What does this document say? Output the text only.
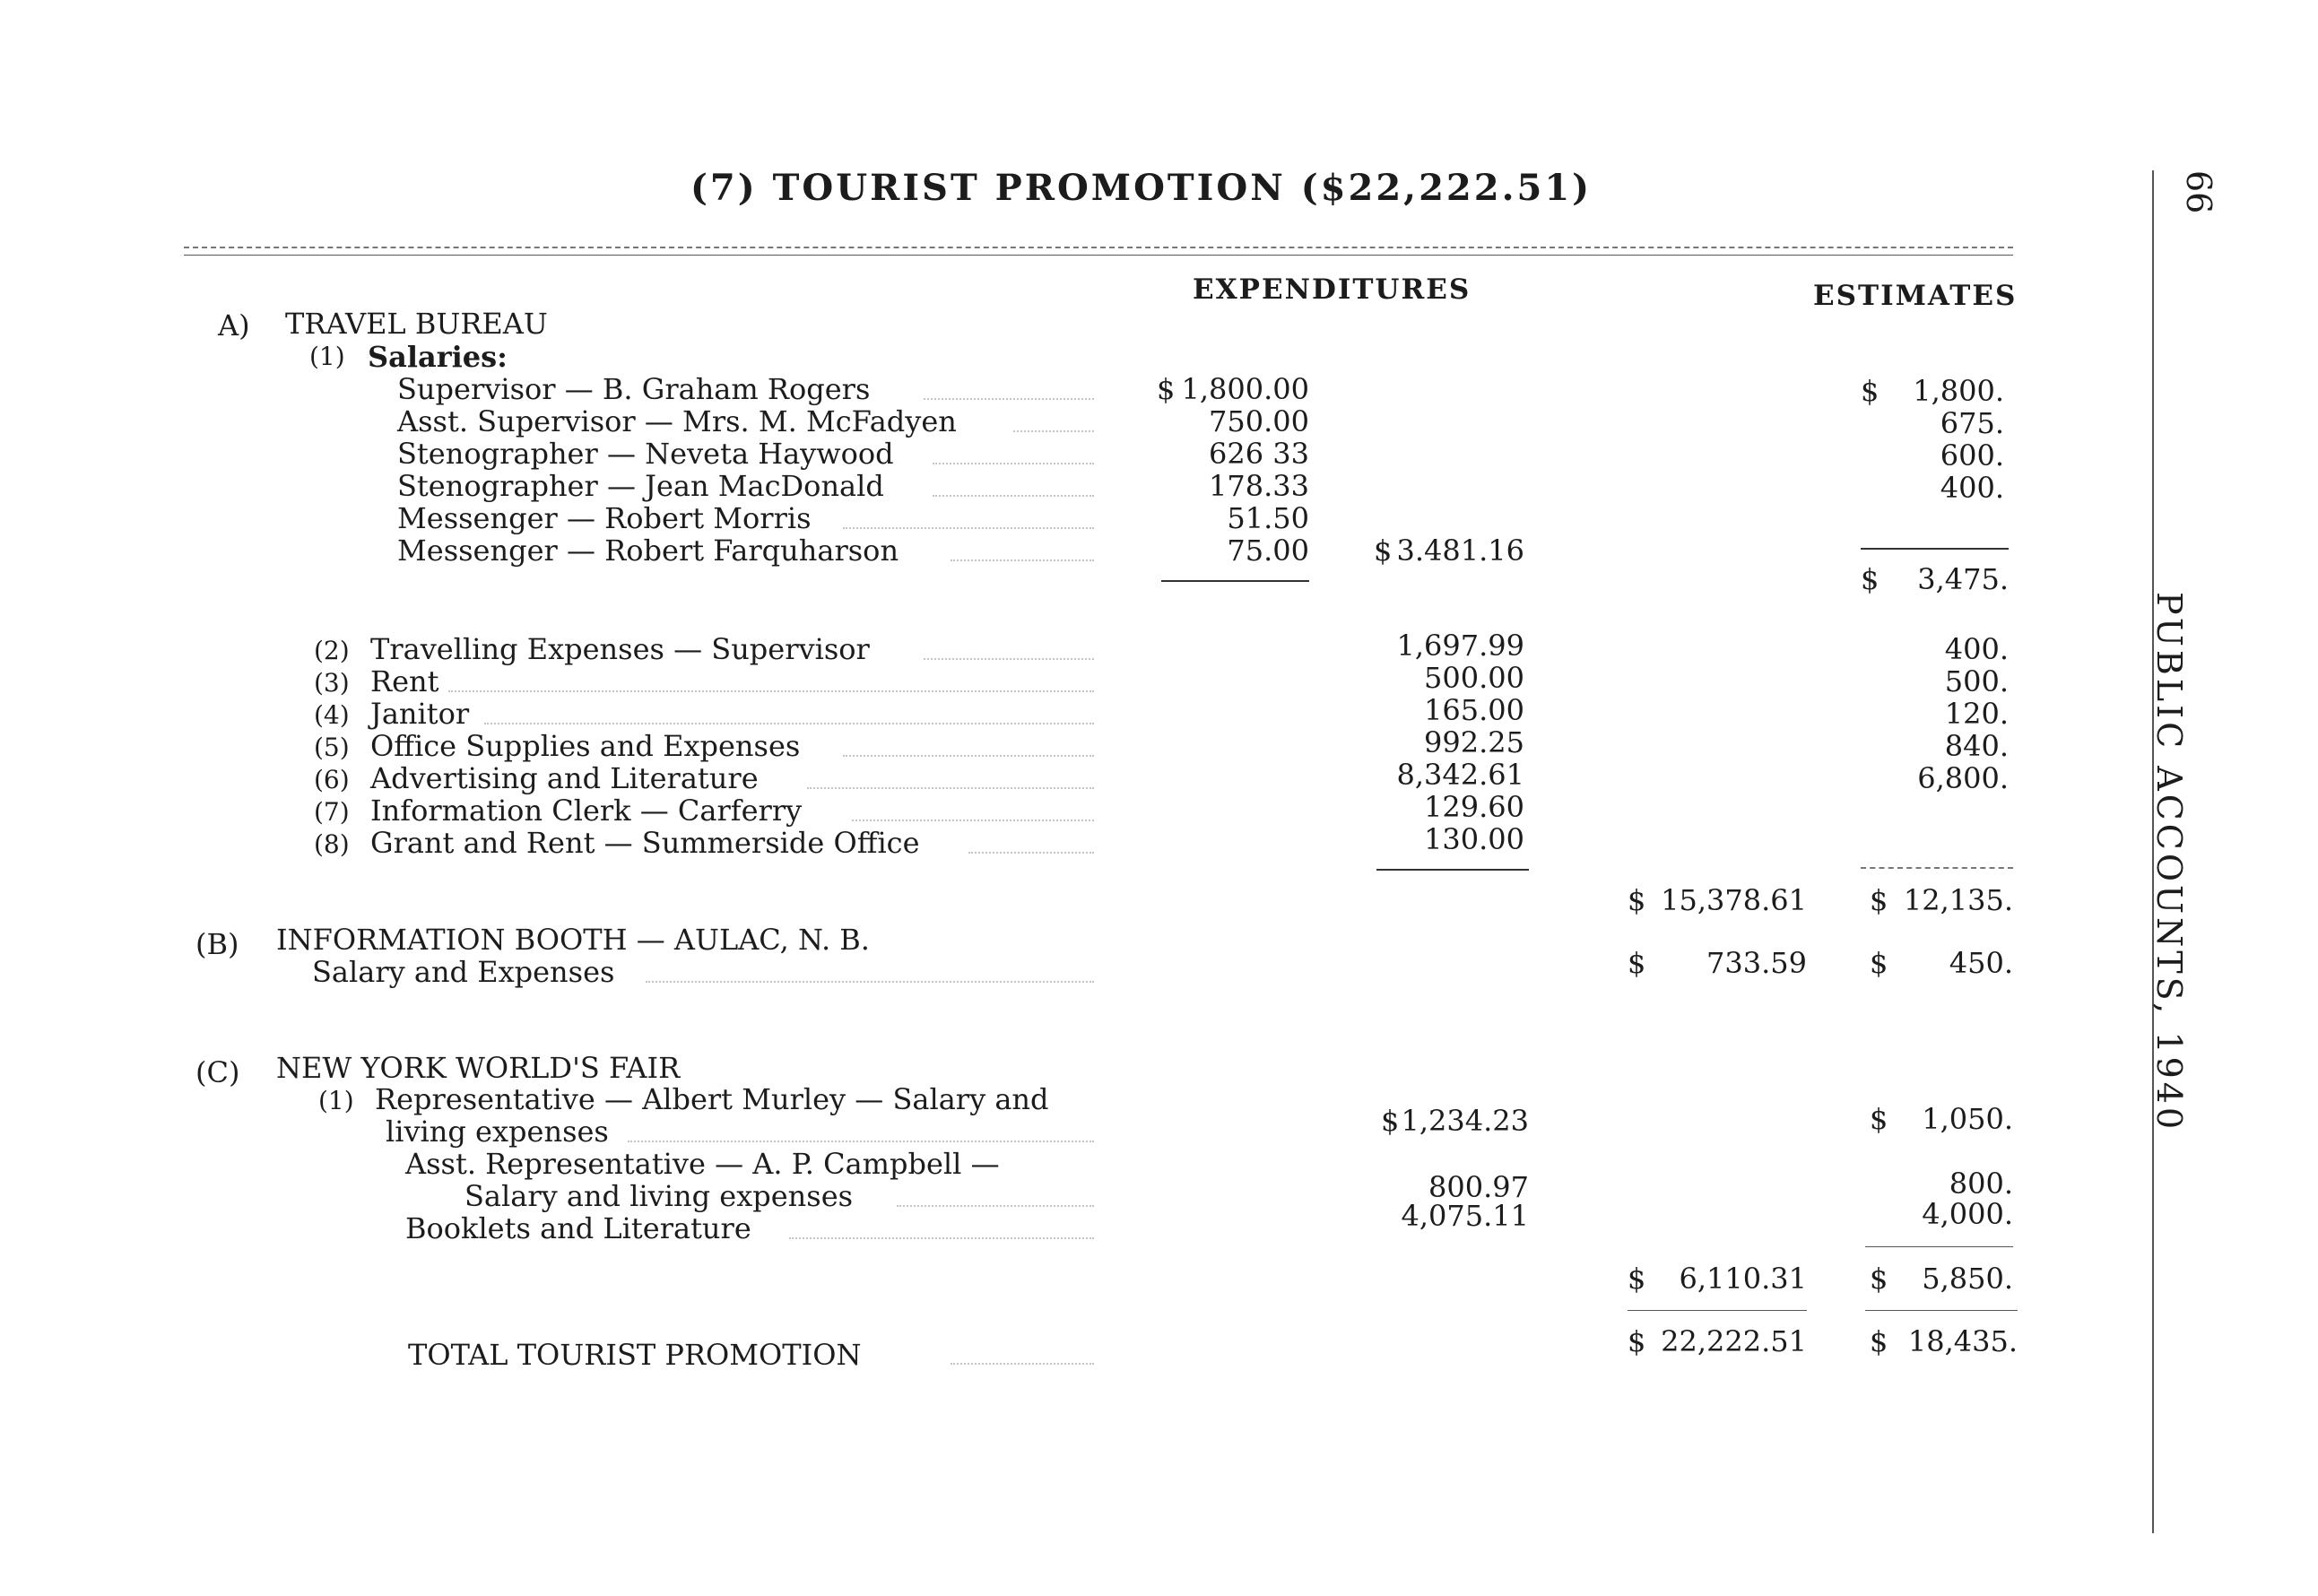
(7) TOURIST PROMOTION ($22,222.51)
EXPENDITURES	ESTIMATES
A) TRAVEL BUREAU
(1) Salaries:
Supervisor — B. Graham Rogers	$ 1,800.00	$	1,800.
Asst. Supervisor — Mrs. M. McFadyen	750.00	675.
Stenographer — Neveta Haywood	626 33	600.
Stenographer — Jean MacDonald	178.33	400.
Messenger — Robert Morris	51.50
Messenger — Robert Farquharson	75.00 $ 3.481.16
$	3,475.
(2) Travelling Expenses — Supervisor	1,697.99	400.
(3) Rent	500.00	500.
(4) Janitor	165.00	120.
(5) Office Supplies and Expenses	992.25	840.
(6) Advertising and Literature	8,342.61	6,800.
(7) Information Clerk — Carferry	129.60
(8) Grant and Rent — Summerside Office	130.00
$ 15,378.61 $ 12,135.
(B) INFORMATION BOOTH — AULAC, N. B.
Salary and Expenses	$	733.59 $	450.
(C) NEW YORK WORLD'S FAIR
(1) Representative — Albert Murley — Salary and
living expenses	$ 1,234.23	$	1,050.
Asst. Representative — A. P. Campbell —
Salary and living expenses	800.97	800.
Booklets and Literature	4,075.11	4,000.
$	6,110.31 $	5,850.
TOTAL TOURIST PROMOTION	$ 22,222.51 $ 18,435.
66
PUBLIC ACCOUNTS, 1940
